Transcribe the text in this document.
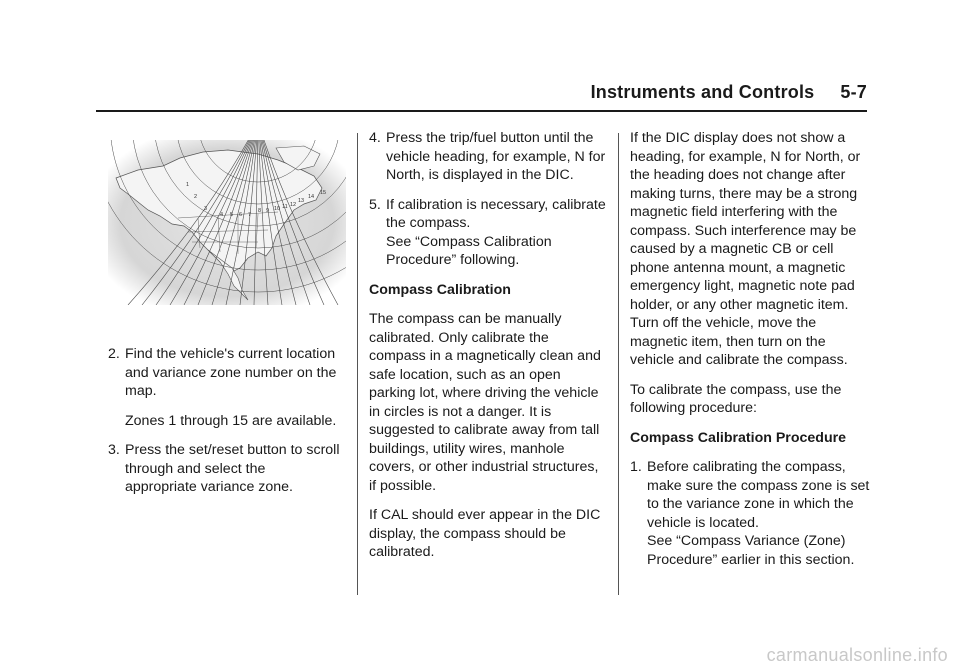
Instruments and Controls     5-7
1
2
3
4 5 6 7
8 9 10 11 12
13
14
15
2. Find the vehicle's current location and variance zone number on the map.

Zones 1 through 15 are available.

3. Press the set/reset button to scroll through and select the appropriate variance zone.
4. Press the trip/fuel button until the vehicle heading, for example, N for North, is displayed in the DIC.
5. If calibration is necessary, calibrate the compass.

See “Compass Calibration Procedure” following.

Compass Calibration

The compass can be manually calibrated. Only calibrate the compass in a magnetically clean and safe location, such as an open parking lot, where driving the vehicle in circles is not a danger. It is suggested to calibrate away from tall buildings, utility wires, manhole covers, or other industrial structures, if possible.

If CAL should ever appear in the DIC display, the compass should be calibrated.

If the DIC display does not show a heading, for example, N for North, or the heading does not change after making turns, there may be a strong magnetic field interfering with the compass. Such interference may be caused by a magnetic CB or cell phone antenna mount, a magnetic emergency light, magnetic note pad holder, or any other magnetic item. Turn off the vehicle, move the magnetic item, then turn on the vehicle and calibrate the compass.

To calibrate the compass, use the following procedure:

Compass Calibration Procedure

1. Before calibrating the compass, make sure the compass zone is set to the variance zone in which the vehicle is located.

See “Compass Variance (Zone) Procedure” earlier in this section.

carmanualsonline.info
